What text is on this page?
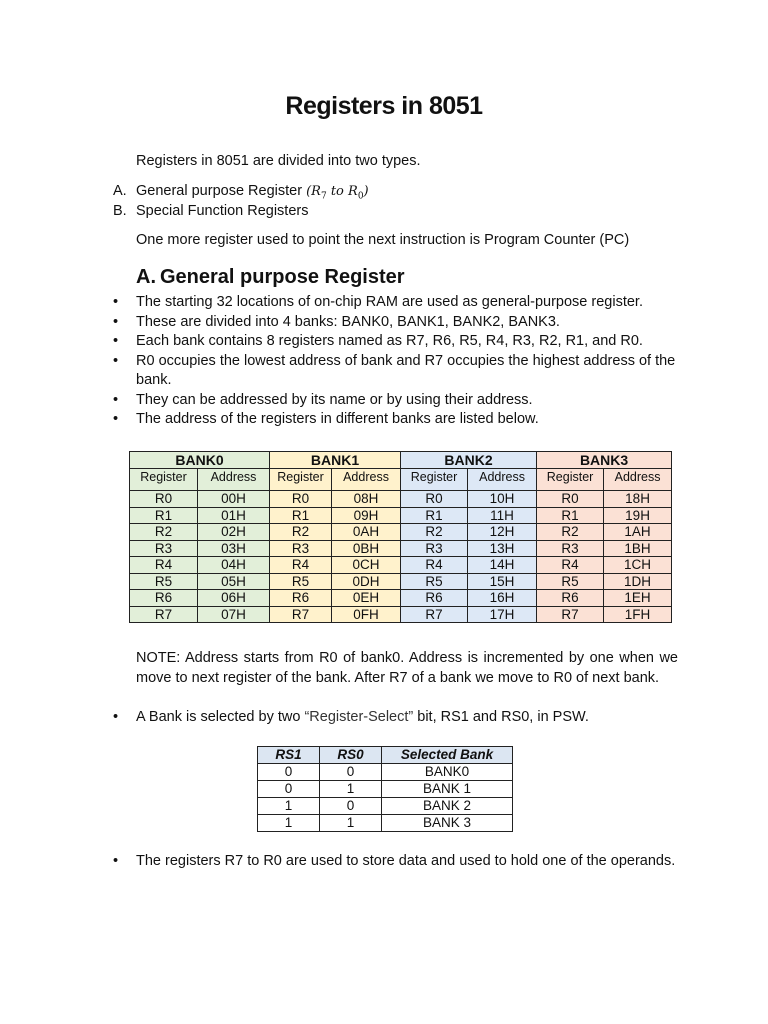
Registers in 8051
Registers in 8051 are divided into two types.
A. General purpose Register ($R_7$ to $R_0$)
B. Special Function Registers
One more register used to point the next instruction is Program Counter (PC)
A. General purpose Register
• The starting 32 locations of on-chip RAM are used as general-purpose register.
• These are divided into 4 banks: BANK0, BANK1, BANK2, BANK3.
• Each bank contains 8 registers named as R7, R6, R5, R4, R3, R2, R1, and R0.
• R0 occupies the lowest address of bank and R7 occupies the highest address of the bank.
• They can be addressed by its name or by using their address.
• The address of the registers in different banks are listed below.
BANK0		BANK1		BANK2		BANK3	
Register	Address	Register	Address	Register	Address	Register	Address
R0	00H	R0	08H	R0	10H	R0	18H
R1	01H	R1	09H	R1	11H	R1	19H
R2	02H	R2	0AH	R2	12H	R2	1AH
R3	03H	R3	0BH	R3	13H	R3	1BH
R4	04H	R4	0CH	R4	14H	R4	1CH
R5	05H	R5	0DH	R5	15H	R5	1DH
R6	06H	R6	0EH	R6	16H	R6	1EH
R7	07H	R7	0FH	R7	17H	R7	1FH
NOTE: Address starts from R0 of bank0. Address is incremented by one when we move to next register of the bank. After R7 of a bank we move to R0 of next bank.
• A Bank is selected by two “Register-Select” bit, RS1 and RS0, in PSW.
RS1	RS0	Selected Bank
0	0	BANK0
0	1	BANK 1
1	0	BANK 2
1	1	BANK 3
• The registers R7 to R0 are used to store data and used to hold one of the operands.
